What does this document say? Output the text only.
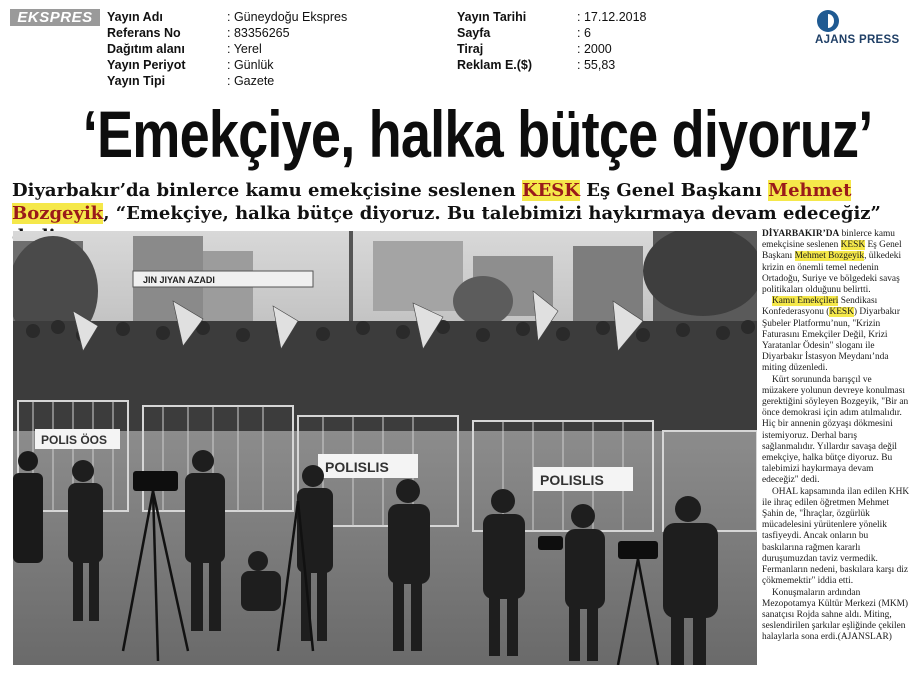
EKSPRES	Yayın Adı	: Güneydoğu Ekspres
Referans No	: 83356265
Dağıtım alanı	: Yerel
Yayın Periyot	: Günlük
Yayın Tipi	: Gazete
Yayın Tarihi	: 17.12.2018
Sayfa	: 6
Tiraj	: 2000
Reklam E.($)	: 55,83
AJANS PRESS
‘Emekçiye, halka bütçe diyoruz’
Diyarbakır’da binlerce kamu emekçisine seslenen KESK Eş Genel Başkanı Mehmet Bozgeyik, “Emekçiye, halka bütçe diyoruz. Bu talebimizi haykırmaya devam edeceğiz”
JIN JIYAN AZADI
POLIS ÖOS
POLISLIS
POLISLIS

DİYARBAKIR’DA binlerce kamu emekçisine seslenen KESK Eş Genel Başkanı Mehmet Bozgeyik, ülkedeki krizin en önemli temel nedenin Ortadoğu, Suriye ve bölgedeki savaş politikaları olduğunu belirtti.

Kamu Emekçileri Sendikası Konfederasyonu (KESK) Diyarbakır Şubeler Platformu’nun, "Krizin Faturasını Emekçiler Değil, Krizi Yaratanlar Ödesin" sloganı ile Diyarbakır İstasyon Meydanı’nda miting düzenledi.

Kürt sorununda barışçıl ve müzakere yolunun devreye konulması gerektiğini söyleyen Bozgeyik, "Bir an önce demokrasi için adım atılmalıdır. Hiç bir annenin gözyaşı dökmesini istemiyoruz. Derhal barış sağlanmalıdır. Yıllardır savaşa değil emekçiye, halka bütçe diyoruz. Bu talebimizi haykırmaya devam edeceğiz" dedi.

OHAL kapsamında ilan edilen KHK ile ihraç edilen öğretmen Mehmet Şahin de, "İhraçlar, özgürlük mücadelesini yürütenlere yönelik tasfiyeydi. Ancak onların bu baskılarına rağmen kararlı duruşumuzdan taviz vermedik. Fermanların nedeni, baskılara karşı diz çökmemektir" iddia etti.

Konuşmaların ardından Mezopotamya Kültür Merkezi (MKM) sanatçısı Rojda sahne aldı. Miting, seslendirilen şarkılar eşliğinde çekilen halaylarla sona erdi.(AJANSLAR)
